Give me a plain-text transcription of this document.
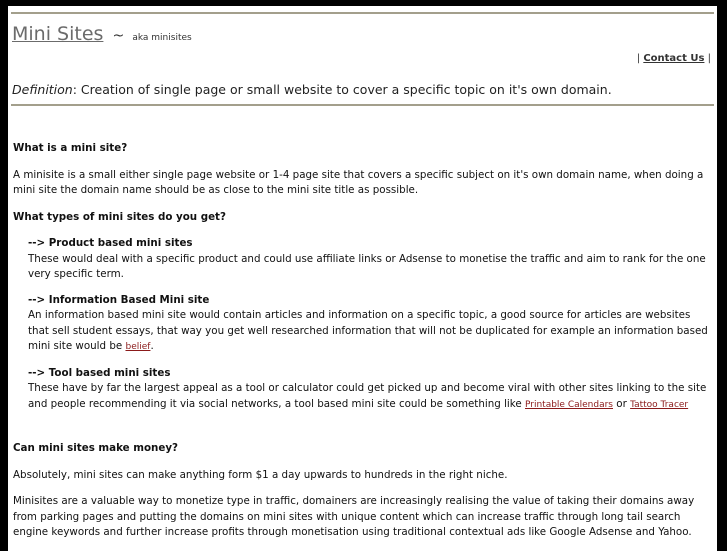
Mini Sites ~ aka minisites
| Contact Us |
Definition: Creation of single page or small website to cover a specific topic on it's own domain.
What is a mini site?
A minisite is a small either single page website or 1-4 page site that covers a specific subject on it's own domain name, when doing a mini site the domain name should be as close to the mini site title as possible.
What types of mini sites do you get?
--> Product based mini sites
These would deal with a specific product and could use affiliate links or Adsense to monetise the traffic and aim to rank for the one very specific term.
--> Information Based Mini site
An information based mini site would contain articles and information on a specific topic, a good source for articles are websites that sell student essays, that way you get well researched information that will not be duplicated for example an information based mini site would be belief.
--> Tool based mini sites
These have by far the largest appeal as a tool or calculator could get picked up and become viral with other sites linking to the site and people recommending it via social networks, a tool based mini site could be something like Printable Calendars or Tattoo Tracer
Can mini sites make money?
Absolutely, mini sites can make anything form $1 a day upwards to hundreds in the right niche.
Minisites are a valuable way to monetize type in traffic, domainers are increasingly realising the value of taking their domains away from parking pages and putting the domains on mini sites with unique content which can increase traffic through long tail search engine keywords and further increase profits through monetisation using traditional contextual ads like Google Adsense and Yahoo.
